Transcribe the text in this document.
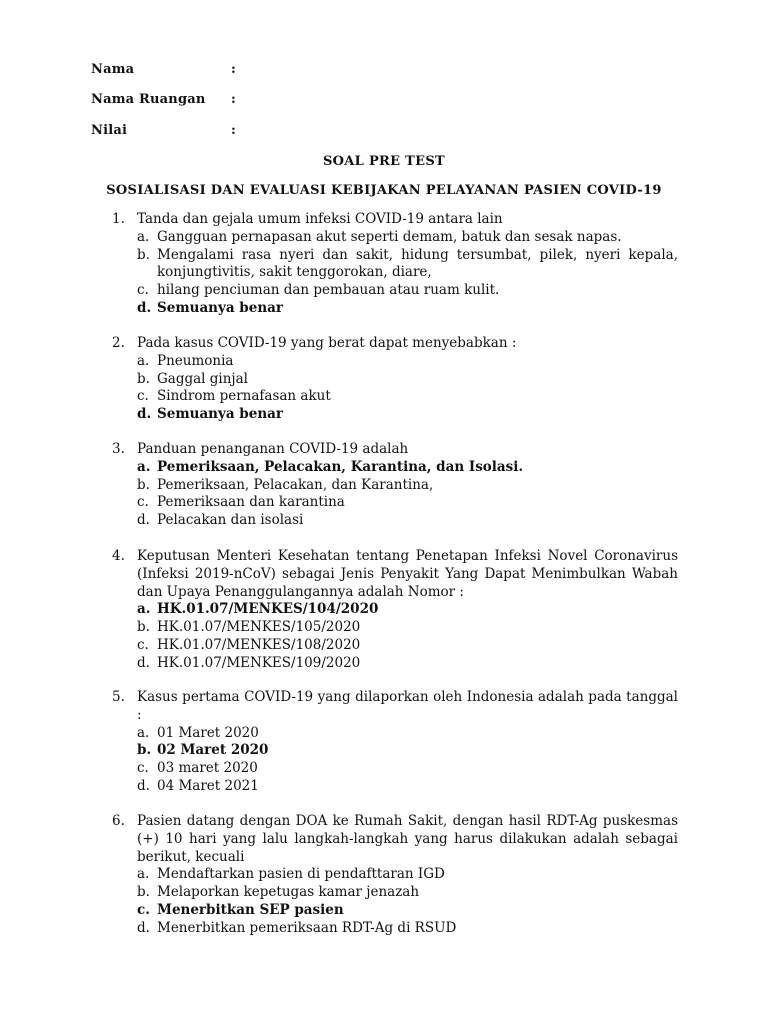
Nama	:
Nama Ruangan :
Nilai	:
SOAL PRE TEST
SOSIALISASI DAN EVALUASI KEBIJAKAN PELAYANAN PASIEN COVID-19
1. Tanda dan gejala umum infeksi COVID-19 antara lain
a. Gangguan pernapasan akut seperti demam, batuk dan sesak napas.
b. Mengalami rasa nyeri dan sakit, hidung tersumbat, pilek, nyeri kepala, konjungtivitis, sakit tenggorokan, diare,
c. hilang penciuman dan pembauan atau ruam kulit.
d. Semuanya benar
2. Pada kasus COVID-19 yang berat dapat menyebabkan :
a. Pneumonia
b. Gaggal ginjal
c. Sindrom pernafasan akut
d. Semuanya benar
3. Panduan penanganan COVID-19 adalah
a. Pemeriksaan, Pelacakan, Karantina, dan Isolasi.
b. Pemeriksaan, Pelacakan, dan Karantina,
c. Pemeriksaan dan karantina
d. Pelacakan dan isolasi
4. Keputusan Menteri Kesehatan tentang Penetapan Infeksi Novel Coronavirus (Infeksi 2019-nCoV) sebagai Jenis Penyakit Yang Dapat Menimbulkan Wabah dan Upaya Penanggulangannya adalah Nomor :
a. HK.01.07/MENKES/104/2020
b. HK.01.07/MENKES/105/2020
c. HK.01.07/MENKES/108/2020
d. HK.01.07/MENKES/109/2020
5. Kasus pertama COVID-19 yang dilaporkan oleh Indonesia adalah pada tanggal :
a. 01 Maret 2020
b. 02 Maret 2020
c. 03 maret 2020
d. 04 Maret 2021
6. Pasien datang dengan DOA ke Rumah Sakit, dengan hasil RDT-Ag puskesmas (+) 10 hari yang lalu langkah-langkah yang harus dilakukan adalah sebagai berikut, kecuali
a. Mendaftarkan pasien di pendafttaran IGD
b. Melaporkan kepetugas kamar jenazah
c. Menerbitkan SEP pasien
d. Menerbitkan pemeriksaan RDT-Ag di RSUD
